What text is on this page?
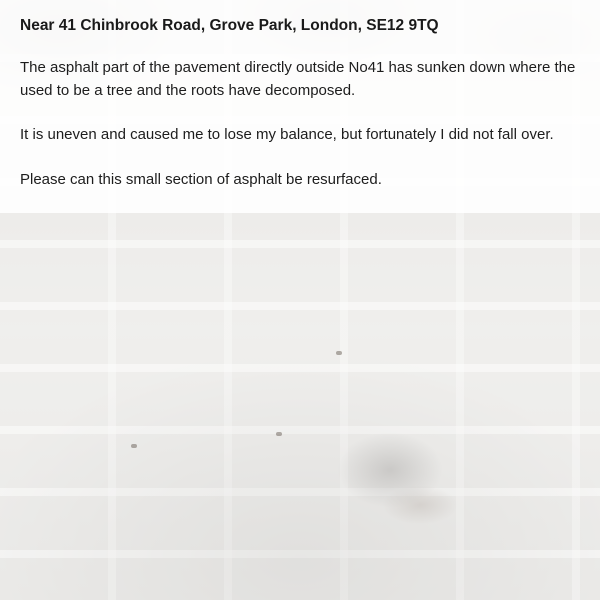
Near 41 Chinbrook Road, Grove Park, London, SE12 9TQ

The asphalt part of the pavement directly outside No41 has sunken down where the used to be a tree and the roots have decomposed.

It is uneven and caused me to lose my balance, but fortunately I did not fall over.

Please can this small section of asphalt be resurfaced.
